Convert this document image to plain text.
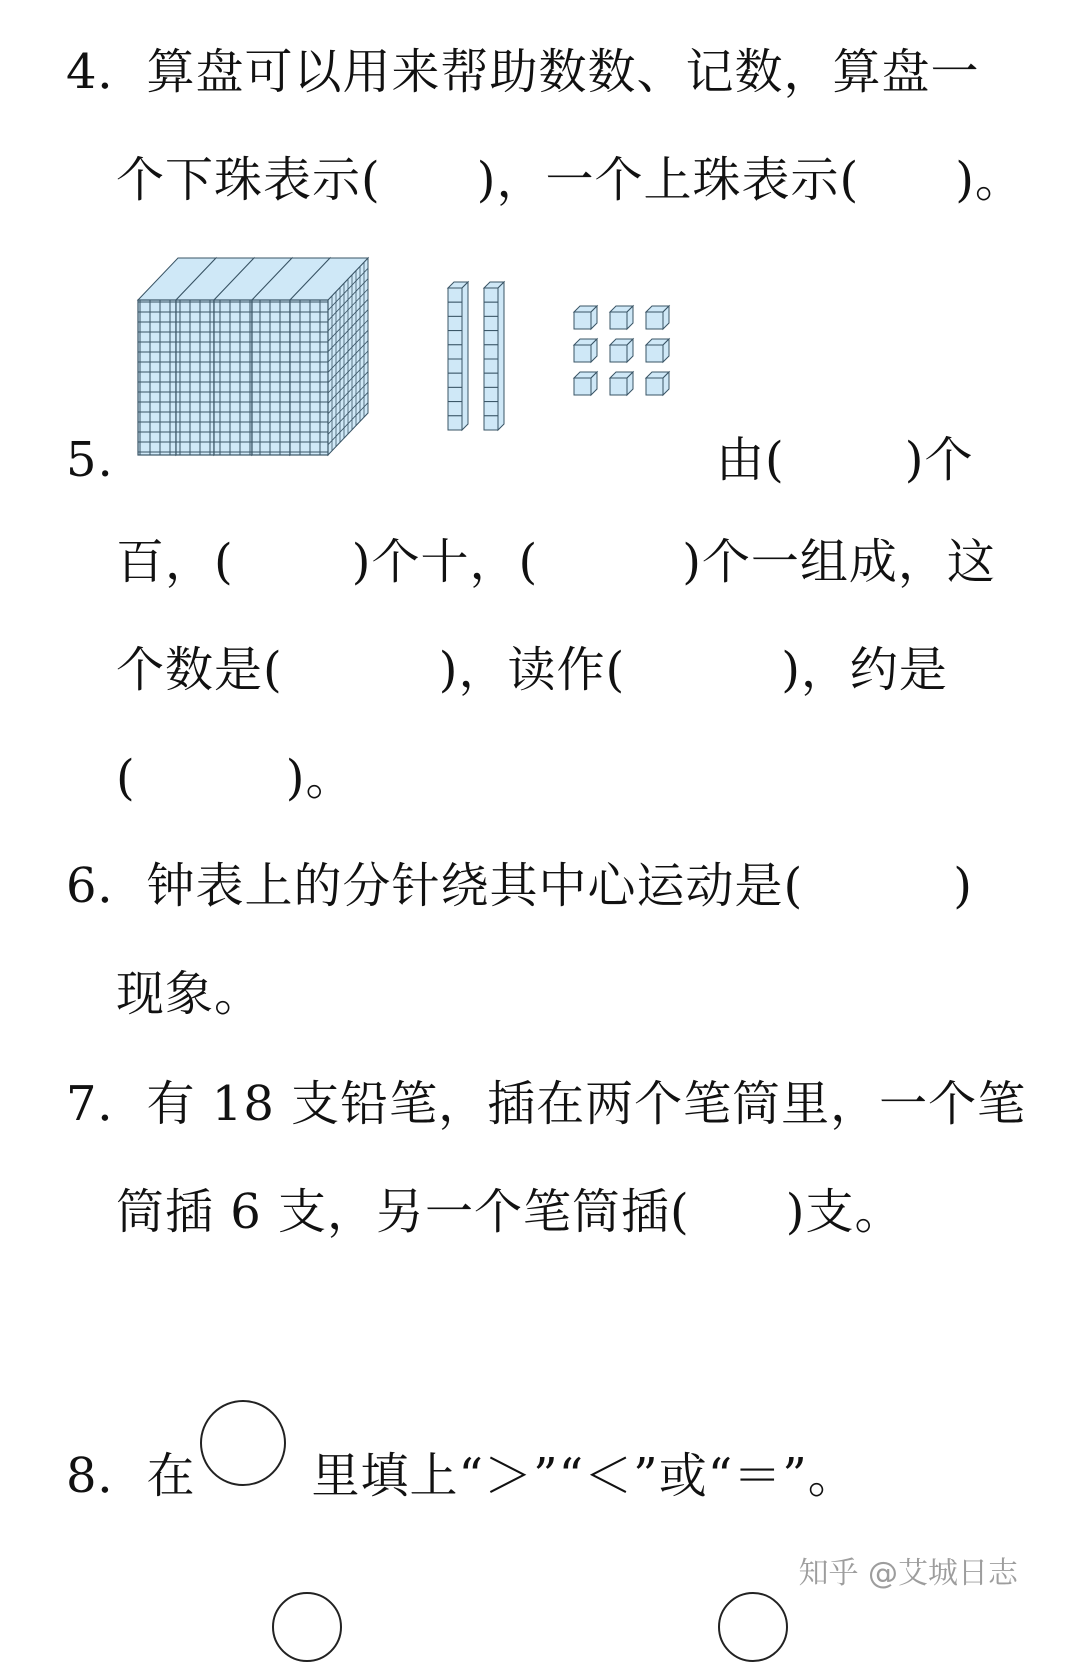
4．算盘可以用来帮助数数、记数，算盘一
个下珠表示( )，一个上珠表示( )。
5.	由(	)个
百，( )个十，(	)个一组成，这
个数是(	)，读作(	)，约是
(	)。
6．钟表上的分针绕其中心运动是(	)
现象。
7．有 18 支铅笔，插在两个笔筒里，一个笔
筒插 6 支，另一个笔筒插( )支。
8．在 里填上“＞”“＜”或“＝”。
知乎 @艾城日志
